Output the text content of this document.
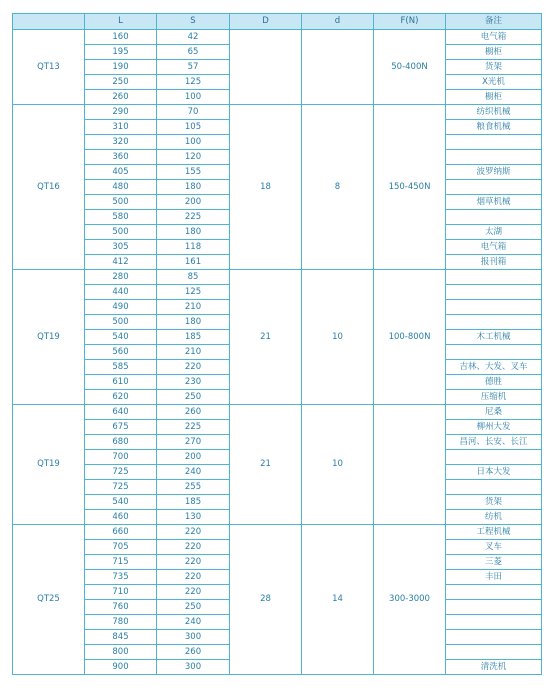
	L	S	D	d	F(N)	备注
QT13	160	42			50-400N	电气箱
	195	65				橱柜
	190	57				货架
	250	125				X光机
	260	100				橱柜
QT16	290	70	18	8	150-450N	纺织机械
	310	105				粮食机械
	320	100				
	360	120				
	405	155				波罗纳斯
	480	180				
	500	200				烟草机械
	580	225				
	500	180				太湖
	305	118				电气箱
	412	161				报刊箱
QT19	280	85	21	10	100-800N	
	440	125				
	490	210				
	500	180				
	540	185				木工机械
	560	210				
	585	220				吉林、大发、叉车
	610	230				德胜
	620	250				压缩机
QT19	640	260	21	10		尼桑
	675	225				柳州大发
	680	270				昌河、长安、长江
	700	200				
	725	240				日本大发
	725	255				
	540	185				货架
	460	130				纺机
QT25	660	220	28	14	300-3000	工程机械
	705	220				叉车
	715	220				三菱
	735	220				丰田
	710	220				
	760	250				
	780	240				
	845	300				
	800	260				
	900	300				清洗机
